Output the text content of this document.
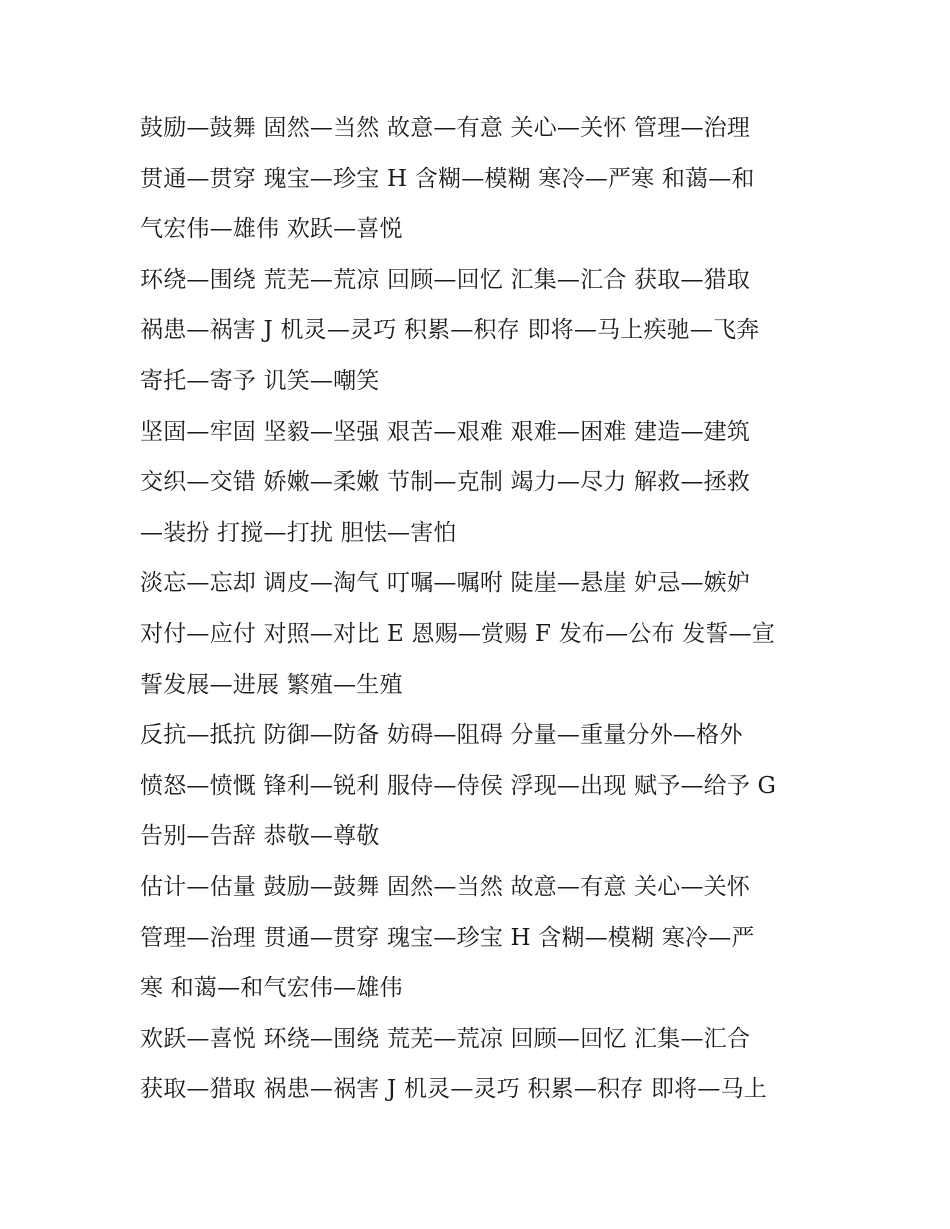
鼓励—鼓舞 固然—当然 故意—有意 关心—关怀 管理—治理
贯通—贯穿 瑰宝—珍宝 H 含糊—模糊 寒冷—严寒 和蔼—和
气宏伟—雄伟 欢跃—喜悦
环绕—围绕 荒芜—荒凉 回顾—回忆 汇集—汇合 获取—猎取
祸患—祸害 J 机灵—灵巧 积累—积存 即将—马上疾驰—飞奔
寄托—寄予 讥笑—嘲笑
坚固—牢固 坚毅—坚强 艰苦—艰难 艰难—困难 建造—建筑
交织—交错 娇嫩—柔嫩 节制—克制 竭力—尽力 解救—拯救
—装扮 打搅—打扰 胆怯—害怕
淡忘—忘却 调皮—淘气 叮嘱—嘱咐 陡崖—悬崖 妒忌—嫉妒
对付—应付 对照—对比 E 恩赐—赏赐 F 发布—公布 发誓—宣
誓发展—进展 繁殖—生殖
反抗—抵抗 防御—防备 妨碍—阻碍 分量—重量分外—格外
愤怒—愤慨 锋利—锐利 服侍—侍侯 浮现—出现 赋予—给予 G
告别—告辞 恭敬—尊敬
估计—估量 鼓励—鼓舞 固然—当然 故意—有意 关心—关怀
管理—治理 贯通—贯穿 瑰宝—珍宝 H 含糊—模糊 寒冷—严
寒 和蔼—和气宏伟—雄伟
欢跃—喜悦 环绕—围绕 荒芜—荒凉 回顾—回忆 汇集—汇合
获取—猎取 祸患—祸害 J 机灵—灵巧 积累—积存 即将—马上
